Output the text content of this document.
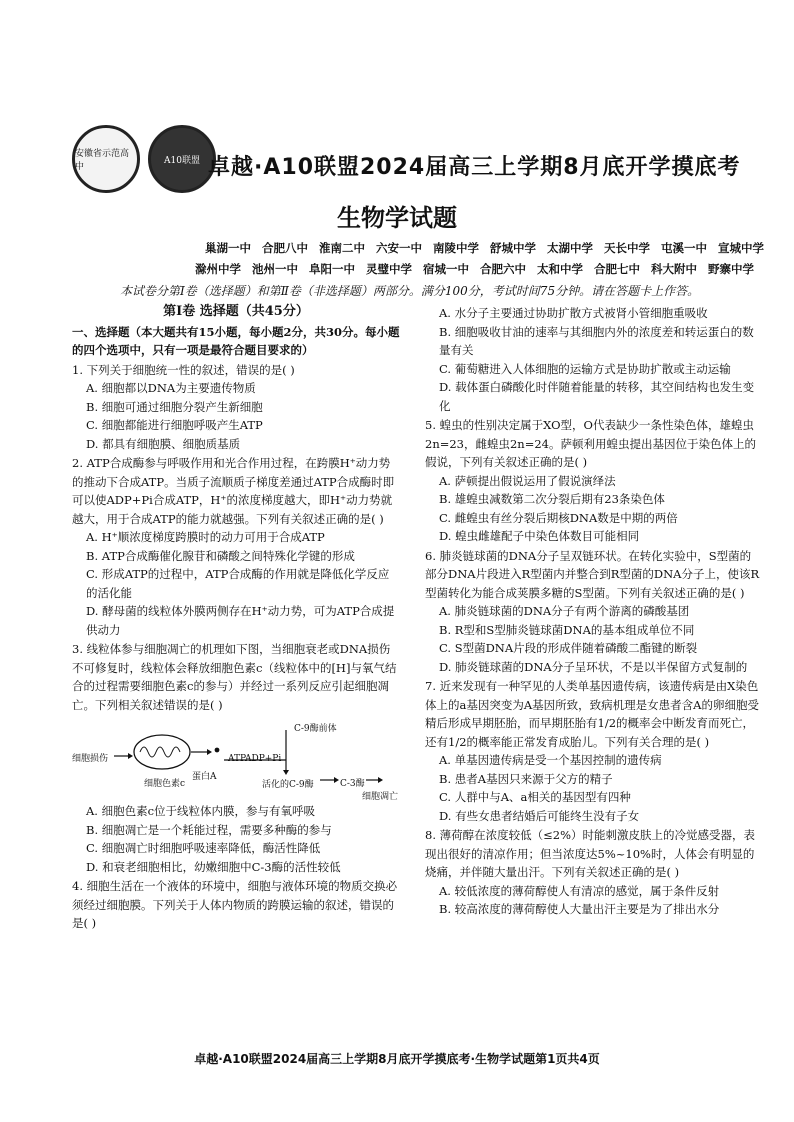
安徽省示范高中
A10联盟 卓越·A10联盟2024届高三上学期8月底开学摸底考
生物学试题
巢湖一中 合肥八中 淮南二中 六安一中 南陵中学 舒城中学 太湖中学 天长中学 屯溪一中 宣城中学
滁州中学 池州一中 阜阳一中 灵璧中学 宿城一中 合肥六中 太和中学 合肥七中 科大附中 野寨中学
本试卷分第Ⅰ卷（选择题）和第Ⅱ卷（非选择题）两部分。满分100分，考试时间75分钟。请在答题卡上作答。
第Ⅰ卷 选择题（共45分）
一、选择题（本大题共有15小题，每小题2分，共30分。每小题的四个选项中，只有一项是最符合题目要求的）
1. 下列关于细胞统一性的叙述，错误的是( )
A. 细胞都以DNA为主要遗传物质
B. 细胞可通过细胞分裂产生新细胞
C. 细胞都能进行细胞呼吸产生ATP
D. 都具有细胞膜、细胞质基质
2. ATP合成酶参与呼吸作用和光合作用过程，在跨膜H⁺动力势的推动下合成ATP。当质子流顺质子梯度差通过ATP合成酶时即可以使ADP+Pi合成ATP，H⁺的浓度梯度越大，即H⁺动力势就越大，用于合成ATP的能力就越强。下列有关叙述正确的是( )
A. H⁺顺浓度梯度跨膜时的动力可用于合成ATP
B. ATP合成酶催化腺苷和磷酸之间特殊化学键的形成
C. 形成ATP的过程中，ATP合成酶的作用就是降低化学反应的活化能
D. 酵母菌的线粒体外膜两侧存在H⁺动力势，可为ATP合成提供动力
3. 线粒体参与细胞凋亡的机理如下图，当细胞衰老或DNA损伤不可修复时，线粒体会释放细胞色素c（线粒体中的[H]与氧气结合的过程需要细胞色素c的参与）并经过一系列反应引起细胞凋亡。下列相关叙述错误的是( )
细胞损伤
细胞色素c
蛋白A
ATP
ADP+Pi
C-9酶前体
活化的C-9酶	C-3酶
细胞凋亡
A. 细胞色素c位于线粒体内膜，参与有氧呼吸
B. 细胞凋亡是一个耗能过程，需要多种酶的参与
C. 细胞凋亡时细胞呼吸速率降低，酶活性降低
D. 和衰老细胞相比，幼嫩细胞中C-3酶的活性较低
4. 细胞生活在一个液体的环境中，细胞与液体环境的物质交换必须经过细胞膜。下列关于人体内物质的跨膜运输的叙述，错误的是( )
A. 水分子主要通过协助扩散方式被肾小管细胞重吸收
B. 细胞吸收甘油的速率与其细胞内外的浓度差和转运蛋白的数量有关
C. 葡萄糖进入人体细胞的运输方式是协助扩散或主动运输
D. 载体蛋白磷酸化时伴随着能量的转移，其空间结构也发生变化
5. 蝗虫的性别决定属于XO型，O代表缺少一条性染色体，雄蝗虫2n=23，雌蝗虫2n=24。萨顿利用蝗虫提出基因位于染色体上的假说，下列有关叙述正确的是( )
A. 萨顿提出假说运用了假说演绎法
B. 雄蝗虫减数第二次分裂后期有23条染色体
C. 雌蝗虫有丝分裂后期核DNA数是中期的两倍
D. 蝗虫雌雄配子中染色体数目可能相同
6. 肺炎链球菌的DNA分子呈双链环状。在转化实验中，S型菌的部分DNA片段进入R型菌内并整合到R型菌的DNA分子上，使该R型菌转化为能合成荚膜多糖的S型菌。下列有关叙述正确的是( )
A. 肺炎链球菌的DNA分子有两个游离的磷酸基团
B. R型和S型肺炎链球菌DNA的基本组成单位不同
C. S型菌DNA片段的形成伴随着磷酸二酯键的断裂
D. 肺炎链球菌的DNA分子呈环状，不是以半保留方式复制的
7. 近来发现有一种罕见的人类单基因遗传病，该遗传病是由X染色体上的a基因突变为A基因所致，致病机理是女患者含A的卵细胞受精后形成早期胚胎，而早期胚胎有1/2的概率会中断发育而死亡，还有1/2的概率能正常发育成胎儿。下列有关合理的是( )
A. 单基因遗传病是受一个基因控制的遗传病
B. 患者A基因只来源于父方的精子
C. 人群中与A、a相关的基因型有四种
D. 有些女患者结婚后可能终生没有子女
8. 薄荷醇在浓度较低（≤2%）时能刺激皮肤上的冷觉感受器，表现出很好的清凉作用；但当浓度达5%~10%时，人体会有明显的烧痛，并伴随大量出汗。下列有关叙述正确的是( )
A. 较低浓度的薄荷醇使人有清凉的感觉，属于条件反射
B. 较高浓度的薄荷醇使人大量出汗主要是为了排出水分
卓越·A10联盟2024届高三上学期8月底开学摸底考·生物学试题第1页共4页
